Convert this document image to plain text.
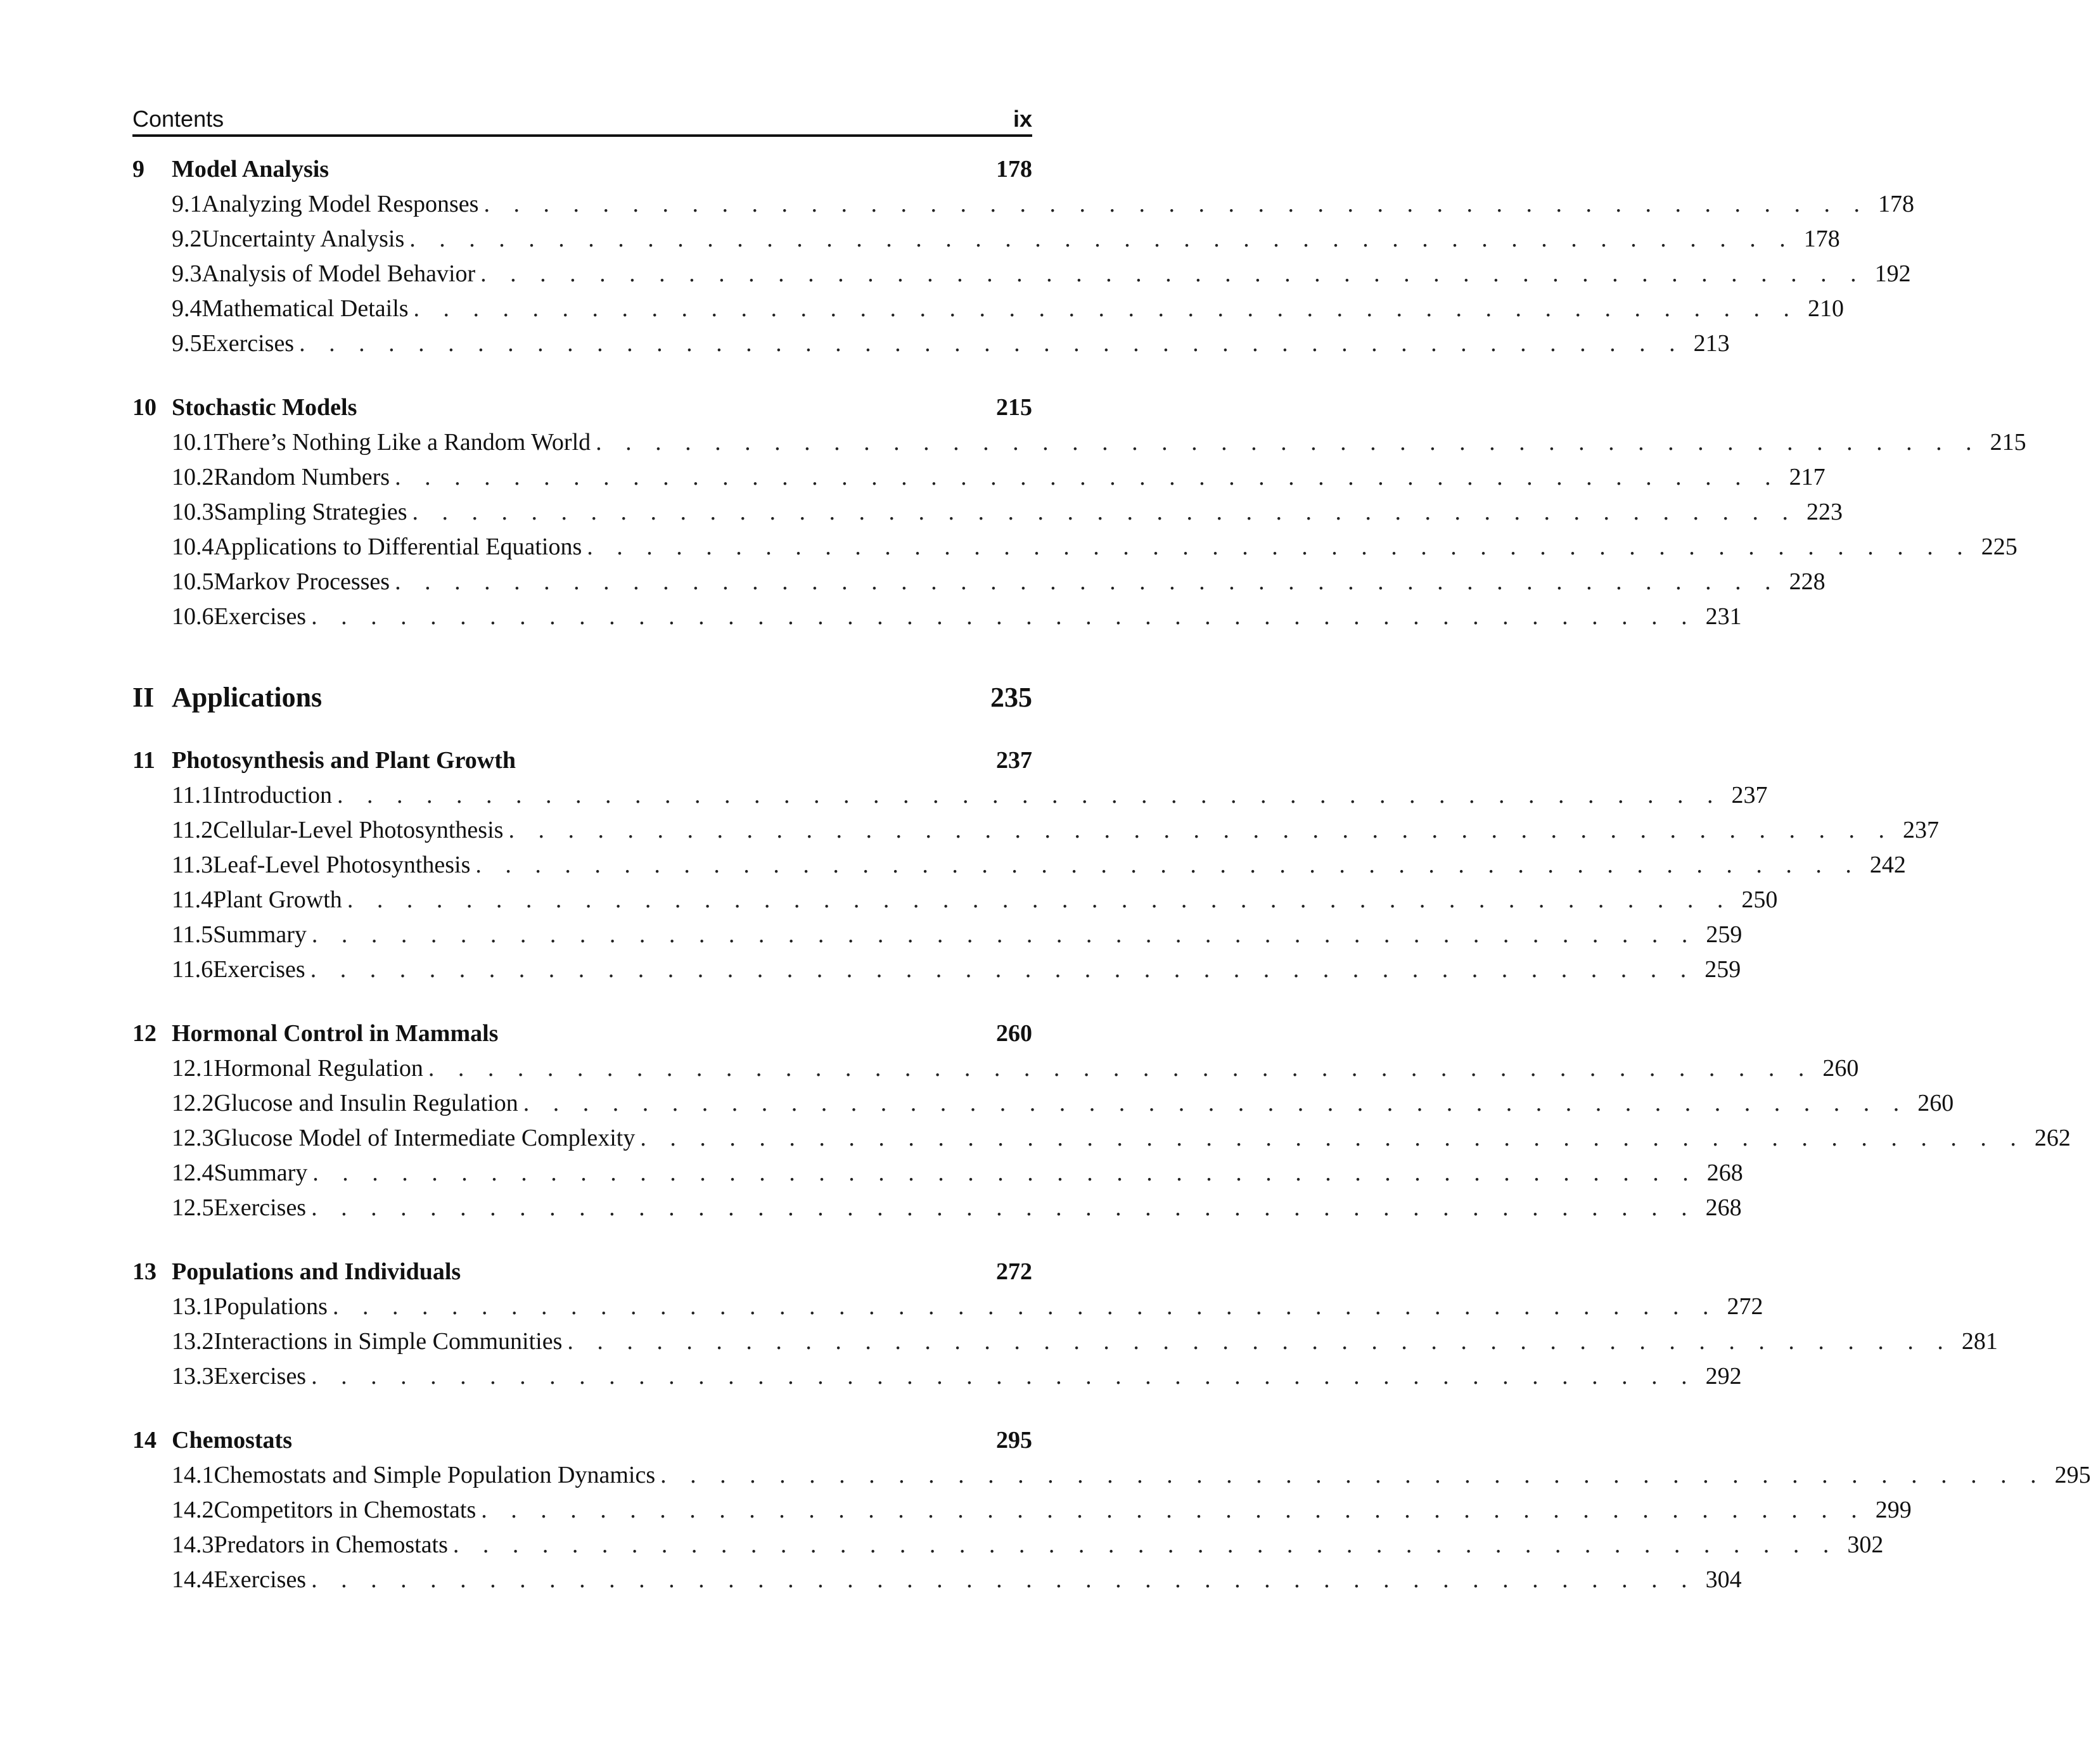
Contents	ix
9	Model Analysis	178
9.1 Analyzing Model Responses . . . . . . . . . . . . . . . . . . . . . . . . . . . . . . . . . . . . . . . . . . . . . . . 178
9.2 Uncertainty Analysis . . . . . . . . . . . . . . . . . . . . . . . . . . . . . . . . . . . . . . . . . . . . . . . 178
9.3 Analysis of Model Behavior . . . . . . . . . . . . . . . . . . . . . . . . . . . . . . . . . . . . . . . . . . . . . . . 192
9.4 Mathematical Details . . . . . . . . . . . . . . . . . . . . . . . . . . . . . . . . . . . . . . . . . . . . . . . 210
9.5 Exercises . . . . . . . . . . . . . . . . . . . . . . . . . . . . . . . . . . . . . . . . . . . . . . . 213
10 Stochastic Models	215
10.1 There’s Nothing Like a Random World . . . . . . . . . . . . . . . . . . . . . . . . . . . . . . . . . . . . . . . . . . . . . . . 215
10.2 Random Numbers . . . . . . . . . . . . . . . . . . . . . . . . . . . . . . . . . . . . . . . . . . . . . . . 217
10.3 Sampling Strategies . . . . . . . . . . . . . . . . . . . . . . . . . . . . . . . . . . . . . . . . . . . . . . . 223
10.4 Applications to Differential Equations . . . . . . . . . . . . . . . . . . . . . . . . . . . . . . . . . . . . . . . . . . . . . . . 225
10.5 Markov Processes . . . . . . . . . . . . . . . . . . . . . . . . . . . . . . . . . . . . . . . . . . . . . . . 228
10.6 Exercises . . . . . . . . . . . . . . . . . . . . . . . . . . . . . . . . . . . . . . . . . . . . . . . 231
II Applications	235
11 Photosynthesis and Plant Growth	237
11.1 Introduction . . . . . . . . . . . . . . . . . . . . . . . . . . . . . . . . . . . . . . . . . . . . . . . 237
11.2 Cellular-Level Photosynthesis . . . . . . . . . . . . . . . . . . . . . . . . . . . . . . . . . . . . . . . . . . . . . . . 237
11.3 Leaf-Level Photosynthesis . . . . . . . . . . . . . . . . . . . . . . . . . . . . . . . . . . . . . . . . . . . . . . . 242
11.4 Plant Growth . . . . . . . . . . . . . . . . . . . . . . . . . . . . . . . . . . . . . . . . . . . . . . . 250
11.5 Summary . . . . . . . . . . . . . . . . . . . . . . . . . . . . . . . . . . . . . . . . . . . . . . . 259
11.6 Exercises . . . . . . . . . . . . . . . . . . . . . . . . . . . . . . . . . . . . . . . . . . . . . . . 259
12 Hormonal Control in Mammals	260
12.1 Hormonal Regulation . . . . . . . . . . . . . . . . . . . . . . . . . . . . . . . . . . . . . . . . . . . . . . . 260
12.2 Glucose and Insulin Regulation . . . . . . . . . . . . . . . . . . . . . . . . . . . . . . . . . . . . . . . . . . . . . . . 260
12.3 Glucose Model of Intermediate Complexity . . . . . . . . . . . . . . . . . . . . . . . . . . . . . . . . . . . . . . . . . . . . . . . 262
12.4 Summary . . . . . . . . . . . . . . . . . . . . . . . . . . . . . . . . . . . . . . . . . . . . . . . 268
12.5 Exercises . . . . . . . . . . . . . . . . . . . . . . . . . . . . . . . . . . . . . . . . . . . . . . . 268
13 Populations and Individuals	272
13.1 Populations . . . . . . . . . . . . . . . . . . . . . . . . . . . . . . . . . . . . . . . . . . . . . . . 272
13.2 Interactions in Simple Communities . . . . . . . . . . . . . . . . . . . . . . . . . . . . . . . . . . . . . . . . . . . . . . . 281
13.3 Exercises . . . . . . . . . . . . . . . . . . . . . . . . . . . . . . . . . . . . . . . . . . . . . . . 292
14 Chemostats	295
14.1 Chemostats and Simple Population Dynamics . . . . . . . . . . . . . . . . . . . . . . . . . . . . . . . . . . . . . . . . . . . . . . . 295
14.2 Competitors in Chemostats . . . . . . . . . . . . . . . . . . . . . . . . . . . . . . . . . . . . . . . . . . . . . . . 299
14.3 Predators in Chemostats . . . . . . . . . . . . . . . . . . . . . . . . . . . . . . . . . . . . . . . . . . . . . . . 302
14.4 Exercises . . . . . . . . . . . . . . . . . . . . . . . . . . . . . . . . . . . . . . . . . . . . . . . 304
